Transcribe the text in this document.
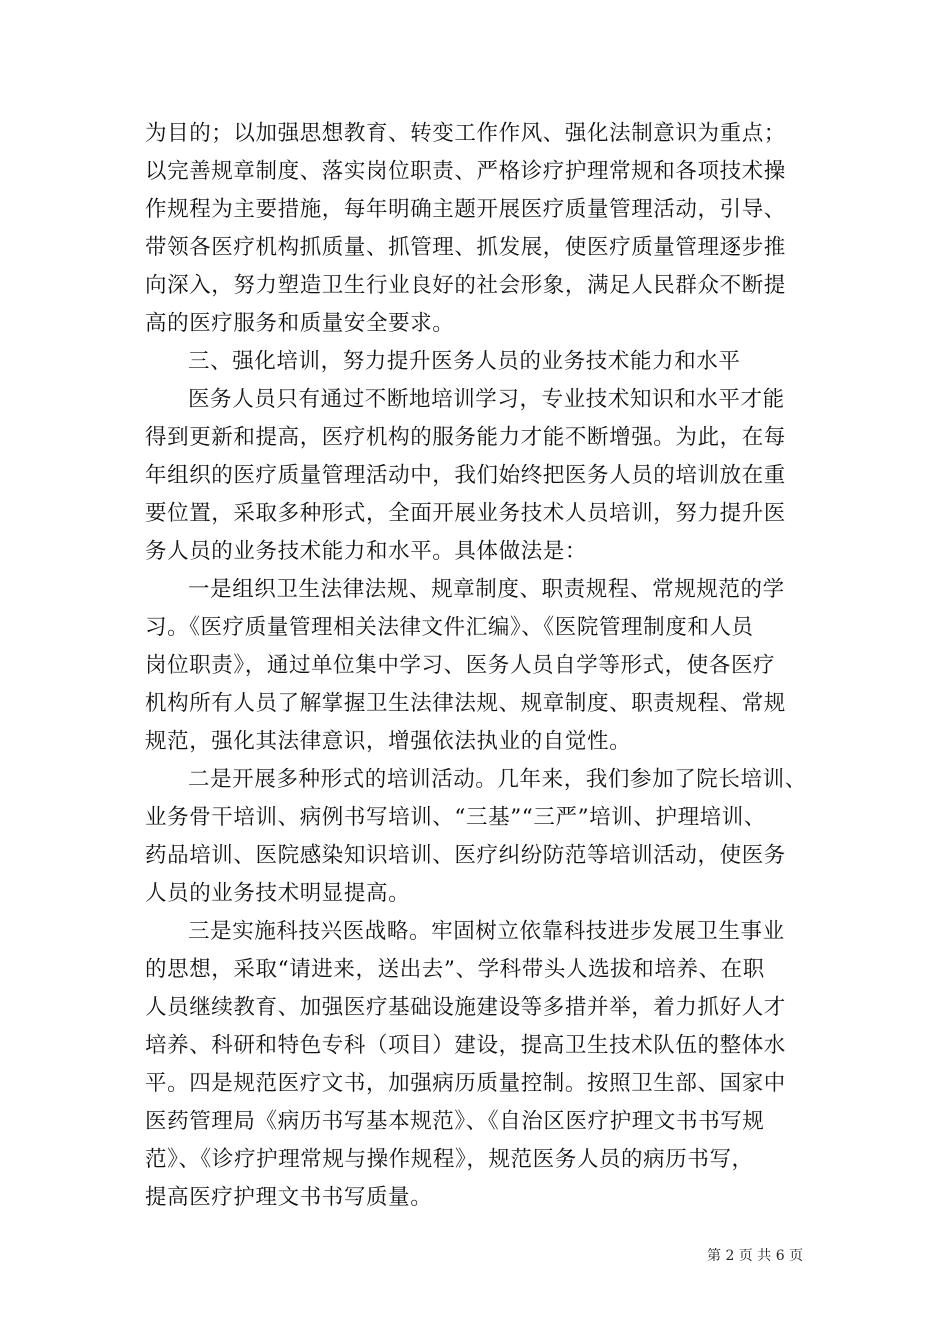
为目的；以加强思想教育、转变工作作风、强化法制意识为重点；
以完善规章制度、落实岗位职责、严格诊疗护理常规和各项技术操
作规程为主要措施，每年明确主题开展医疗质量管理活动，引导、
带领各医疗机构抓质量、抓管理、抓发展，使医疗质量管理逐步推
向深入，努力塑造卫生行业良好的社会形象，满足人民群众不断提
高的医疗服务和质量安全要求。
三、强化培训，努力提升医务人员的业务技术能力和水平
医务人员只有通过不断地培训学习，专业技术知识和水平才能
得到更新和提高，医疗机构的服务能力才能不断增强。为此，在每
年组织的医疗质量管理活动中，我们始终把医务人员的培训放在重
要位置，采取多种形式，全面开展业务技术人员培训，努力提升医
务人员的业务技术能力和水平。具体做法是：
一是组织卫生法律法规、规章制度、职责规程、常规规范的学
习。《医疗质量管理相关法律文件汇编》、《医院管理制度和人员
岗位职责》，通过单位集中学习、医务人员自学等形式，使各医疗
机构所有人员了解掌握卫生法律法规、规章制度、职责规程、常规
规范，强化其法律意识，增强依法执业的自觉性。
二是开展多种形式的培训活动。几年来，我们参加了院长培训、
业务骨干培训、病例书写培训、“三基”“三严”培训、护理培训、
药品培训、医院感染知识培训、医疗纠纷防范等培训活动，使医务
人员的业务技术明显提高。
三是实施科技兴医战略。牢固树立依靠科技进步发展卫生事业
的思想，采取“请进来，送出去”、学科带头人选拔和培养、在职
人员继续教育、加强医疗基础设施建设等多措并举，着力抓好人才
培养、科研和特色专科（项目）建设，提高卫生技术队伍的整体水
平。四是规范医疗文书，加强病历质量控制。按照卫生部、国家中
医药管理局《病历书写基本规范》、《自治区医疗护理文书书写规
范》、《诊疗护理常规与操作规程》，规范医务人员的病历书写，
提高医疗护理文书书写质量。
第 2 页 共 6 页
